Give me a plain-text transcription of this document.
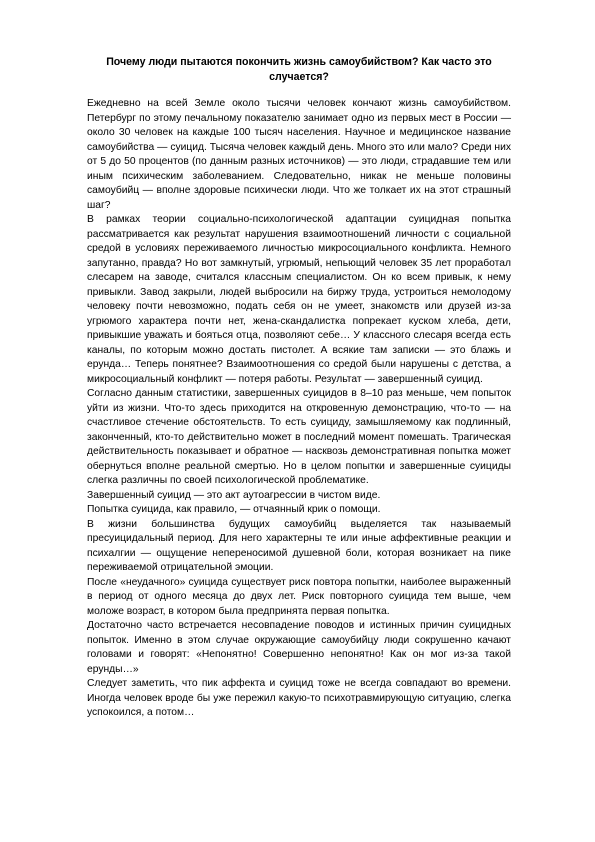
Почему люди пытаются покончить жизнь самоубийством? Как часто это случается?

Ежедневно на всей Земле около тысячи человек кончают жизнь самоубийством. Петербург по этому печальному показателю занимает одно из первых мест в России — около 30 человек на каждые 100 тысяч населения. Научное и медицинское название самоубийства — суицид. Тысяча человек каждый день. Много это или мало? Среди них от 5 до 50 процентов (по данным разных источников) — это люди, страдавшие тем или иным психическим заболеванием. Следовательно, никак не меньше половины самоубийц — вполне здоровые психически люди. Что же толкает их на этот страшный шаг?

В рамках теории социально-психологической адаптации суицидная попытка рассматривается как результат нарушения взаимоотношений личности с социальной средой в условиях переживаемого личностью микросоциального конфликта. Немного запутанно, правда? Но вот замкнутый, угрюмый, непьющий человек 35 лет проработал слесарем на заводе, считался классным специалистом. Он ко всем привык, к нему привыкли. Завод закрыли, людей выбросили на биржу труда, устроиться немолодому человеку почти невозможно, подать себя он не умеет, знакомств или друзей из-за угрюмого характера почти нет, жена-скандалистка попрекает куском хлеба, дети, привыкшие уважать и бояться отца, позволяют себе… У классного слесаря всегда есть каналы, по которым можно достать пистолет. А всякие там записки — это блажь и ерунда… Теперь понятнее? Взаимоотношения со средой были нарушены с детства, а микросоциальный конфликт — потеря работы. Результат — завершенный суицид.

Согласно данным статистики, завершенных суицидов в 8–10 раз меньше, чем попыток уйти из жизни. Что-то здесь приходится на откровенную демонстрацию, что-то — на счастливое стечение обстоятельств. То есть суициду, замышляемому как подлинный, законченный, кто-то действительно может в последний момент помешать. Трагическая действительность показывает и обратное — насквозь демонстративная попытка может обернуться вполне реальной смертью. Но в целом попытки и завершенные суициды слегка различны по своей психологической проблематике.

Завершенный суицид — это акт аутоагрессии в чистом виде.

Попытка суицида, как правило, — отчаянный крик о помощи.

В жизни большинства будущих самоубийц выделяется так называемый пресуицидальный период. Для него характерны те или иные аффективные реакции и психалгии — ощущение непереносимой душевной боли, которая возникает на пике переживаемой отрицательной эмоции.

После «неудачного» суицида существует риск повтора попытки, наиболее выраженный в период от одного месяца до двух лет. Риск повторного суицида тем выше, чем моложе возраст, в котором была предпринята первая попытка.

Достаточно часто встречается несовпадение поводов и истинных причин суицидных попыток. Именно в этом случае окружающие самоубийцу люди сокрушенно качают головами и говорят: «Непонятно! Совершенно непонятно! Как он мог из-за такой ерунды…»

Следует заметить, что пик аффекта и суицид тоже не всегда совпадают во времени. Иногда человек вроде бы уже пережил какую-то психотравмирующую ситуацию, слегка успокоился, а потом…
